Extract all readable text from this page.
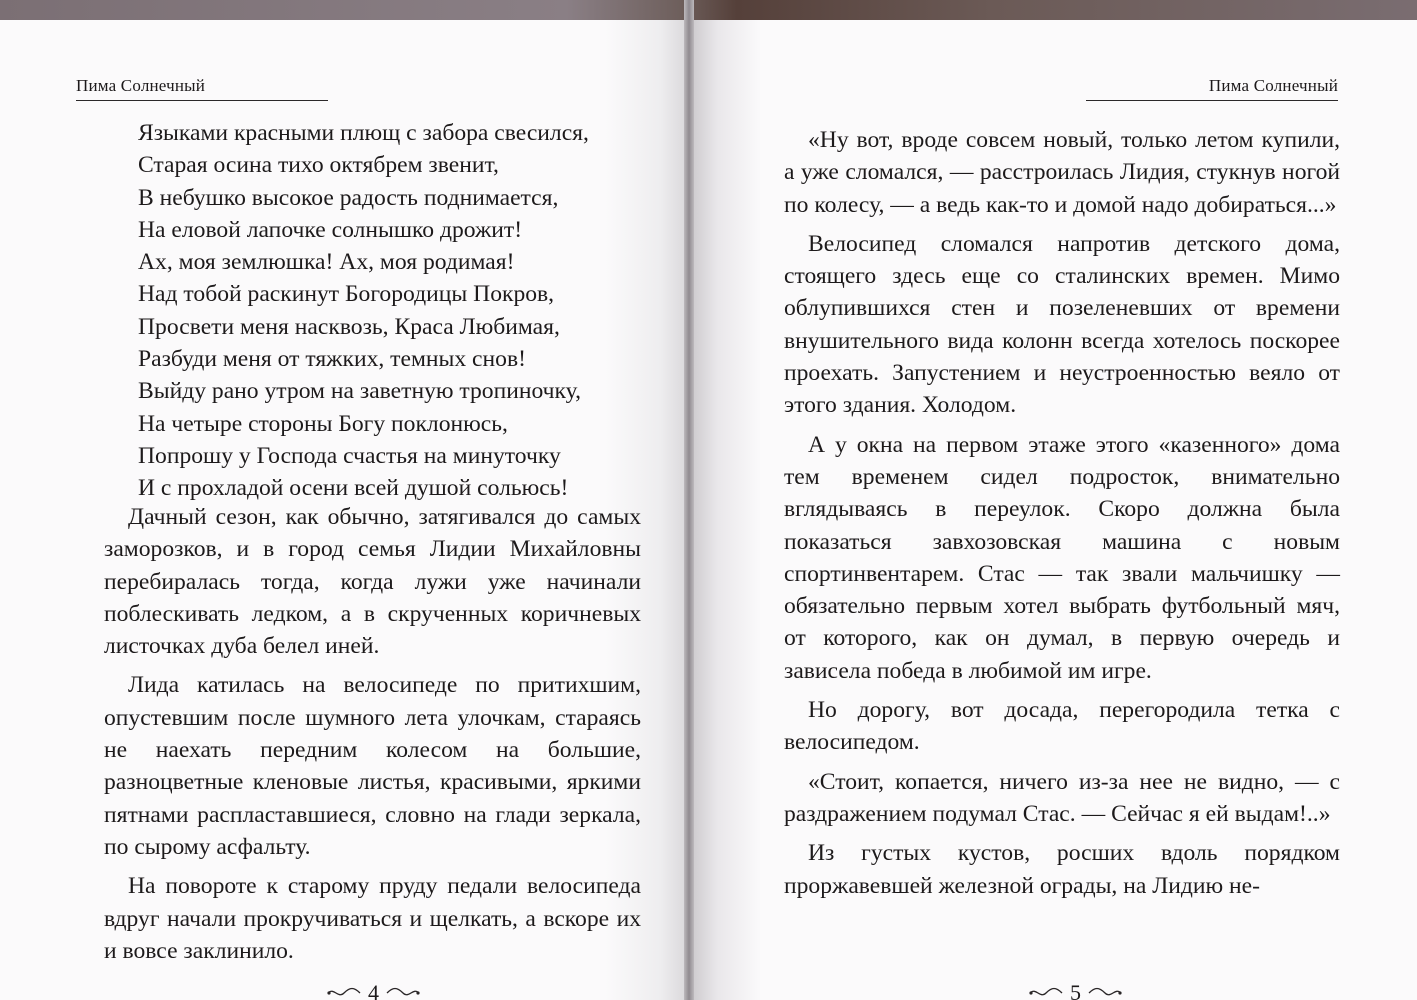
Пима Солнечный
Языками красными плющ с забора свесился,
Старая осина тихо октябрем звенит,
В небушко высокое радость поднимается,
На еловой лапочке солнышко дрожит!
Ах, моя землюшка! Ах, моя родимая!
Над тобой раскинут Богородицы Покров,
Просвети меня насквозь, Краса Любимая,
Разбуди меня от тяжких, темных снов!
Выйду рано утром на заветную тропиночку,
На четыре стороны Богу поклонюсь,
Попрошу у Господа счастья на минуточку
И с прохладой осени всей душой сольюсь!
Дачный сезон, как обычно, затягивался до самых заморозков, и в город семья Лидии Михайловны перебиралась тогда, когда лужи уже начинали поблескивать ледком, а в скрученных коричневых листочках дуба белел иней.
Лида катилась на велосипеде по притихшим, опустевшим после шумного лета улочкам, стараясь не наехать передним колесом на большие, разноцветные кленовые листья, красивыми, яркими пятнами распластавшиеся, словно на глади зеркала, по сырому асфальту.
На повороте к старому пруду педали велосипеда вдруг начали прокручиваться и щелкать, а вскоре их и вовсе заклинило.
4
Пима Солнечный
«Ну вот, вроде совсем новый, только летом купили, а уже сломался, — расстроилась Лидия, стукнув ногой по колесу, — а ведь как-то и домой надо добираться...»
Велосипед сломался напротив детского дома, стоящего здесь еще со сталинских времен. Мимо облупившихся стен и позеленевших от времени внушительного вида колонн всегда хотелось поскорее проехать. Запустением и неустроенностью веяло от этого здания. Холодом.
А у окна на первом этаже этого «казенного» дома тем временем сидел подросток, внимательно вглядываясь в переулок. Скоро должна была показаться завхозовская машина с новым спортинвентарем. Стас — так звали мальчишку — обязательно первым хотел выбрать футбольный мяч, от которого, как он думал, в первую очередь и зависела победа в любимой им игре.
Но дорогу, вот досада, перегородила тетка с велосипедом.
«Стоит, копается, ничего из-за нее не видно, — с раздражением подумал Стас. — Сейчас я ей выдам!..»
Из густых кустов, росших вдоль порядком проржавевшей железной ограды, на Лидию не-
5
